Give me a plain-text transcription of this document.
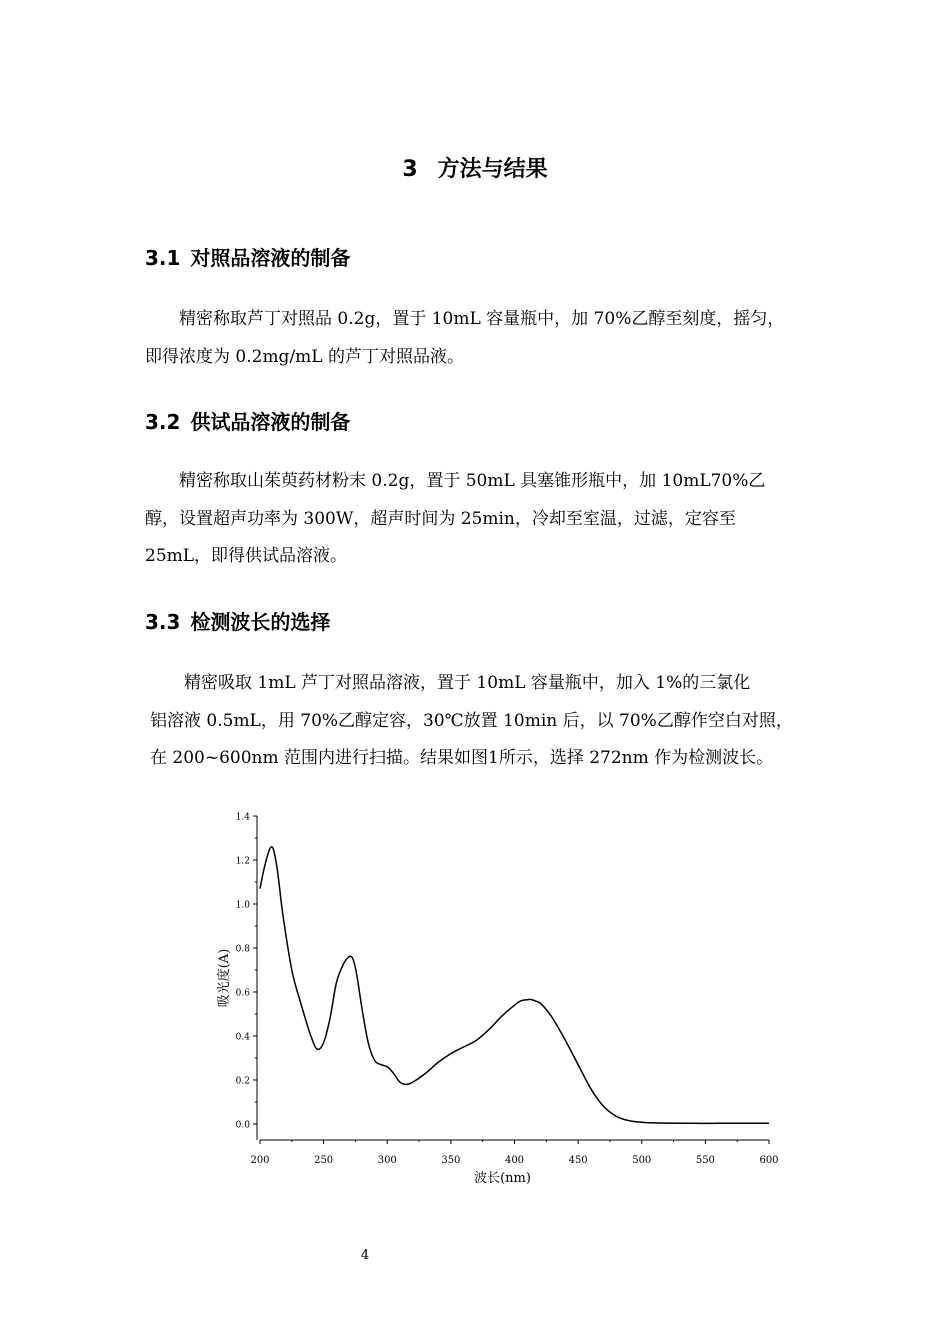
3 方法与结果
3.1 对照品溶液的制备

精密称取芦丁对照品 0.2g，置于 10mL 容量瓶中，加 70%乙醇至刻度，摇匀，
即得浓度为 0.2mg/mL 的芦丁对照品液。

3.2 供试品溶液的制备

精密称取山茱萸药材粉末 0.2g，置于 50mL 具塞锥形瓶中，加 10mL70%乙
醇，设置超声功率为 300W，超声时间为 25min，冷却至室温，过滤，定容至
25mL，即得供试品溶液。

3.3 检测波长的选择

精密吸取 1mL 芦丁对照品溶液，置于 10mL 容量瓶中，加入 1%的三氯化
铝溶液 0.5mL，用 70%乙醇定容，30℃放置 10min 后，以 70%乙醇作空白对照，
在 200~600nm 范围内进行扫描。结果如图1所示，选择 272nm 作为检测波长。

200	250	300	350	400	450	500	550	600
0.0
0.2
0.4
0.6
0.8
1.0
1.2
1.4
波长(nm)
吸光度(A)

4
